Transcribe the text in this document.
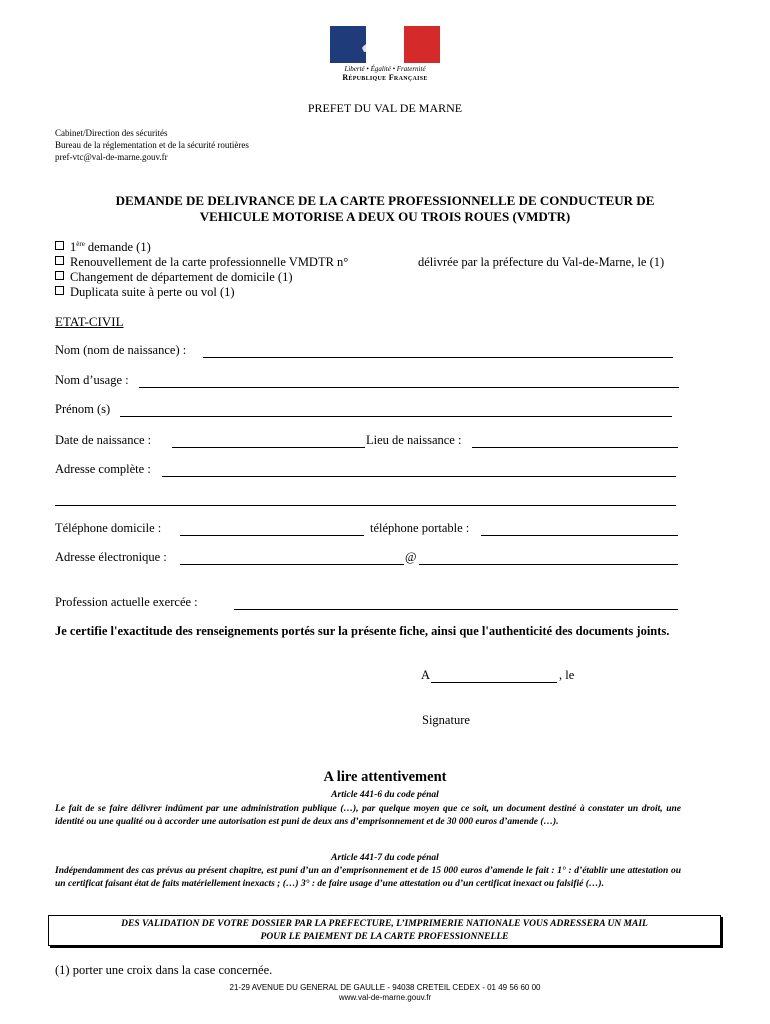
Liberté • Égalité • Fraternité
République Française
PREFET DU VAL DE MARNE
Cabinet/Direction des sécurités
Bureau de la réglementation et de la sécurité routières
pref-vtc@val-de-marne.gouv.fr
DEMANDE DE DELIVRANCE DE LA CARTE PROFESSIONNELLE DE CONDUCTEUR DE
VEHICULE MOTORISE A DEUX OU TROIS ROUES (VMDTR)
1ère demande (1)
Renouvellement de la carte professionnelle VMDTR n°	délivrée par la préfecture du Val-de-Marne, le (1)
Changement de département de domicile (1)
Duplicata suite à perte ou vol (1)
ETAT-CIVIL
Nom (nom de naissance) :
Nom d’usage :
Prénom (s)
Date de naissance :	Lieu de naissance :
Adresse complète :
Téléphone domicile :	téléphone portable :
Adresse électronique :	@
Profession actuelle exercée :
Je certifie l'exactitude des renseignements portés sur la présente fiche, ainsi que l'authenticité des documents joints.
A	, le
Signature
A lire attentivement
Article 441-6 du code pénal
Le fait de se faire délivrer indûment par une administration publique (…), par quelque moyen que ce soit, un document destiné à constater un droit, une identité ou une qualité ou à accorder une autorisation est puni de deux ans d’emprisonnement et de 30 000 euros d’amende (…).
Article 441-7 du code pénal
Indépendamment des cas prévus au présent chapitre, est puni d’un an d’emprisonnement et de 15 000 euros d’amende le fait : 1° : d’établir une attestation ou un certificat faisant état de faits matériellement inexacts ; (…) 3° : de faire usage d’une attestation ou d’un certificat inexact ou falsifié (…).
DES VALIDATION DE VOTRE DOSSIER PAR LA PREFECTURE, L’IMPRIMERIE NATIONALE VOUS ADRESSERA UN MAIL
POUR LE PAIEMENT DE LA CARTE PROFESSIONNELLE
(1) porter une croix dans la case concernée.
21-29 AVENUE DU GENERAL DE GAULLE - 94038 CRETEIL CEDEX - 01 49 56 60 00
www.val-de-marne.gouv.fr
